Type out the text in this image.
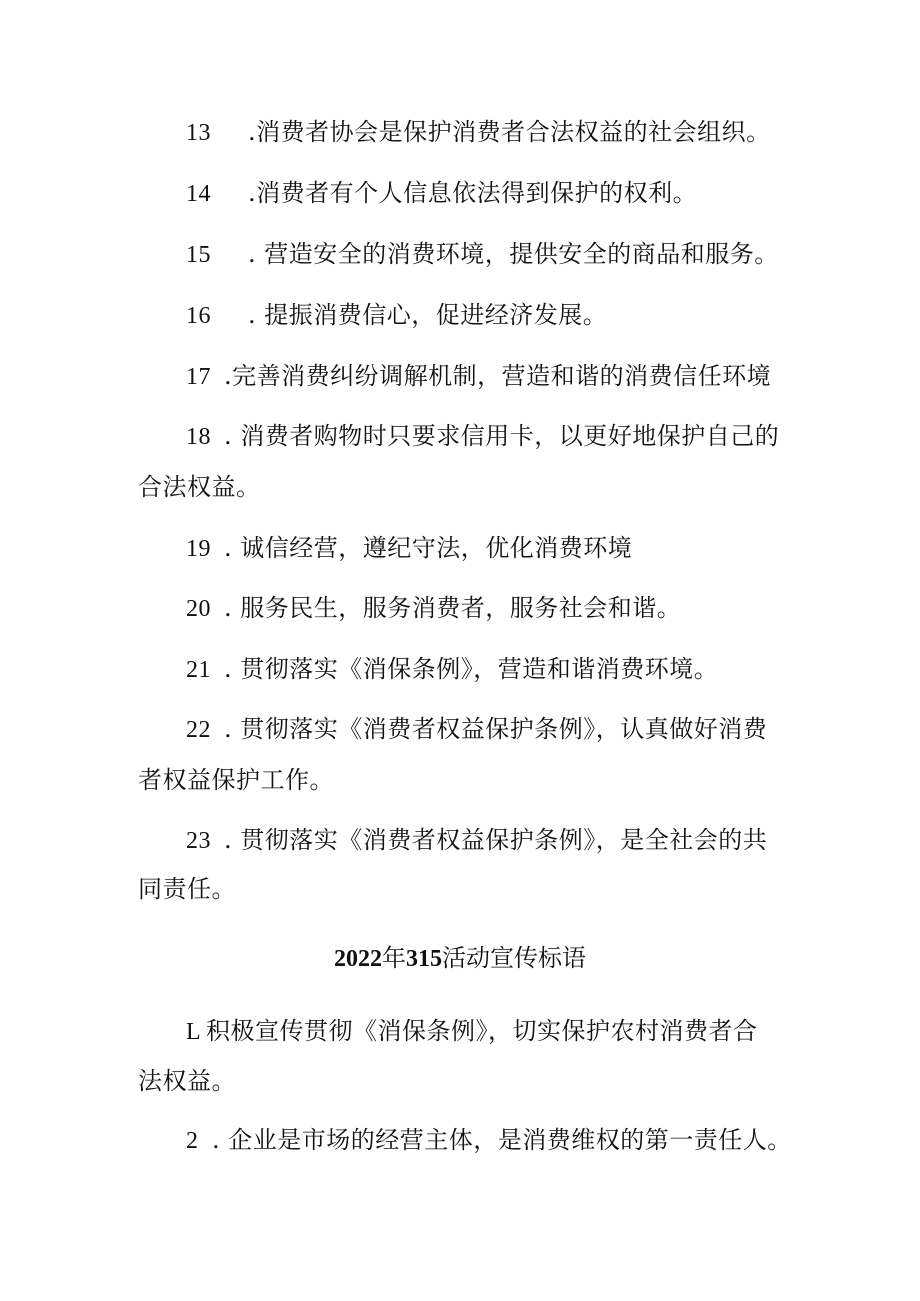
13 .消费者协会是保护消费者合法权益的社会组织。
14 .消费者有个人信息依法得到保护的权利。
15 . 营造安全的消费环境，提供安全的商品和服务。
16 . 提振消费信心，促进经济发展。
17 .完善消费纠纷调解机制，营造和谐的消费信任环境
18 . 消费者购物时只要求信用卡，以更好地保护自己的
合法权益。
19 . 诚信经营，遵纪守法，优化消费环境
20 . 服务民生，服务消费者，服务社会和谐。
21 . 贯彻落实《消保条例》，营造和谐消费环境。
22 . 贯彻落实《消费者权益保护条例》，认真做好消费
者权益保护工作。
23 . 贯彻落实《消费者权益保护条例》，是全社会的共
同责任。
2022年315活动宣传标语
L 积极宣传贯彻《消保条例》，切实保护农村消费者合
法权益。
2 . 企业是市场的经营主体，是消费维权的第一责任人。
